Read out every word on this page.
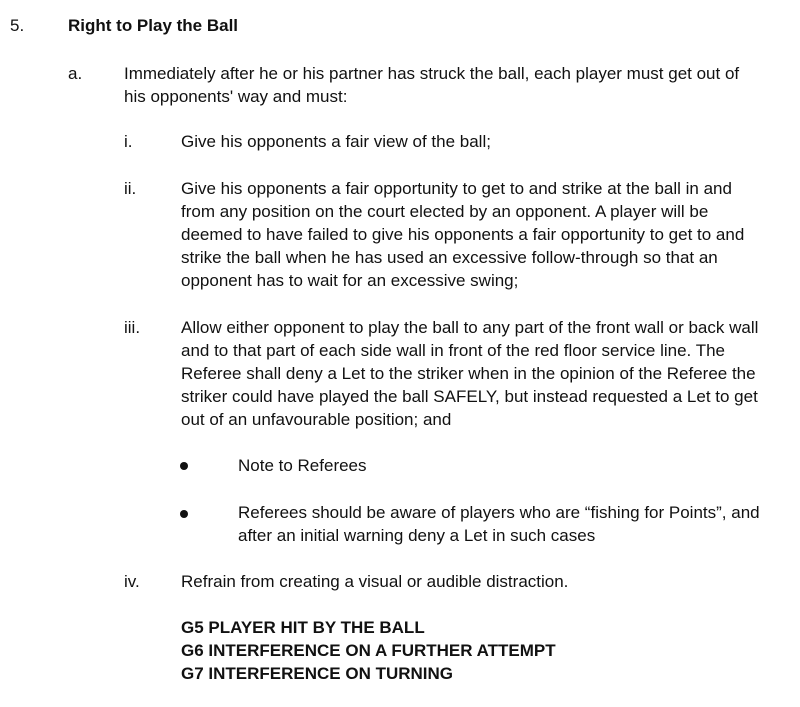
5.	Right to Play the Ball
a. Immediately after he or his partner has struck the ball, each player must get out of his opponents' way and must:
i.	Give his opponents a fair view of the ball;
ii.	Give his opponents a fair opportunity to get to and strike at the ball in and from any position on the court elected by an opponent. A player will be deemed to have failed to give his opponents a fair opportunity to get to and strike the ball when he has used an excessive follow-through so that an opponent has to wait for an excessive swing;
iii. Allow either opponent to play the ball to any part of the front wall or back wall and to that part of each side wall in front of the red floor service line. The Referee shall deny a Let to the striker when in the opinion of the Referee the striker could have played the ball SAFELY, but instead requested a Let to get out of an unfavourable position; and
Note to Referees
Referees should be aware of players who are “fishing for Points”, and after an initial warning deny a Let in such cases
iv. Refrain from creating a visual or audible distraction.
G5 PLAYER HIT BY THE BALL
G6 INTERFERENCE ON A FURTHER ATTEMPT
G7 INTERFERENCE ON TURNING
